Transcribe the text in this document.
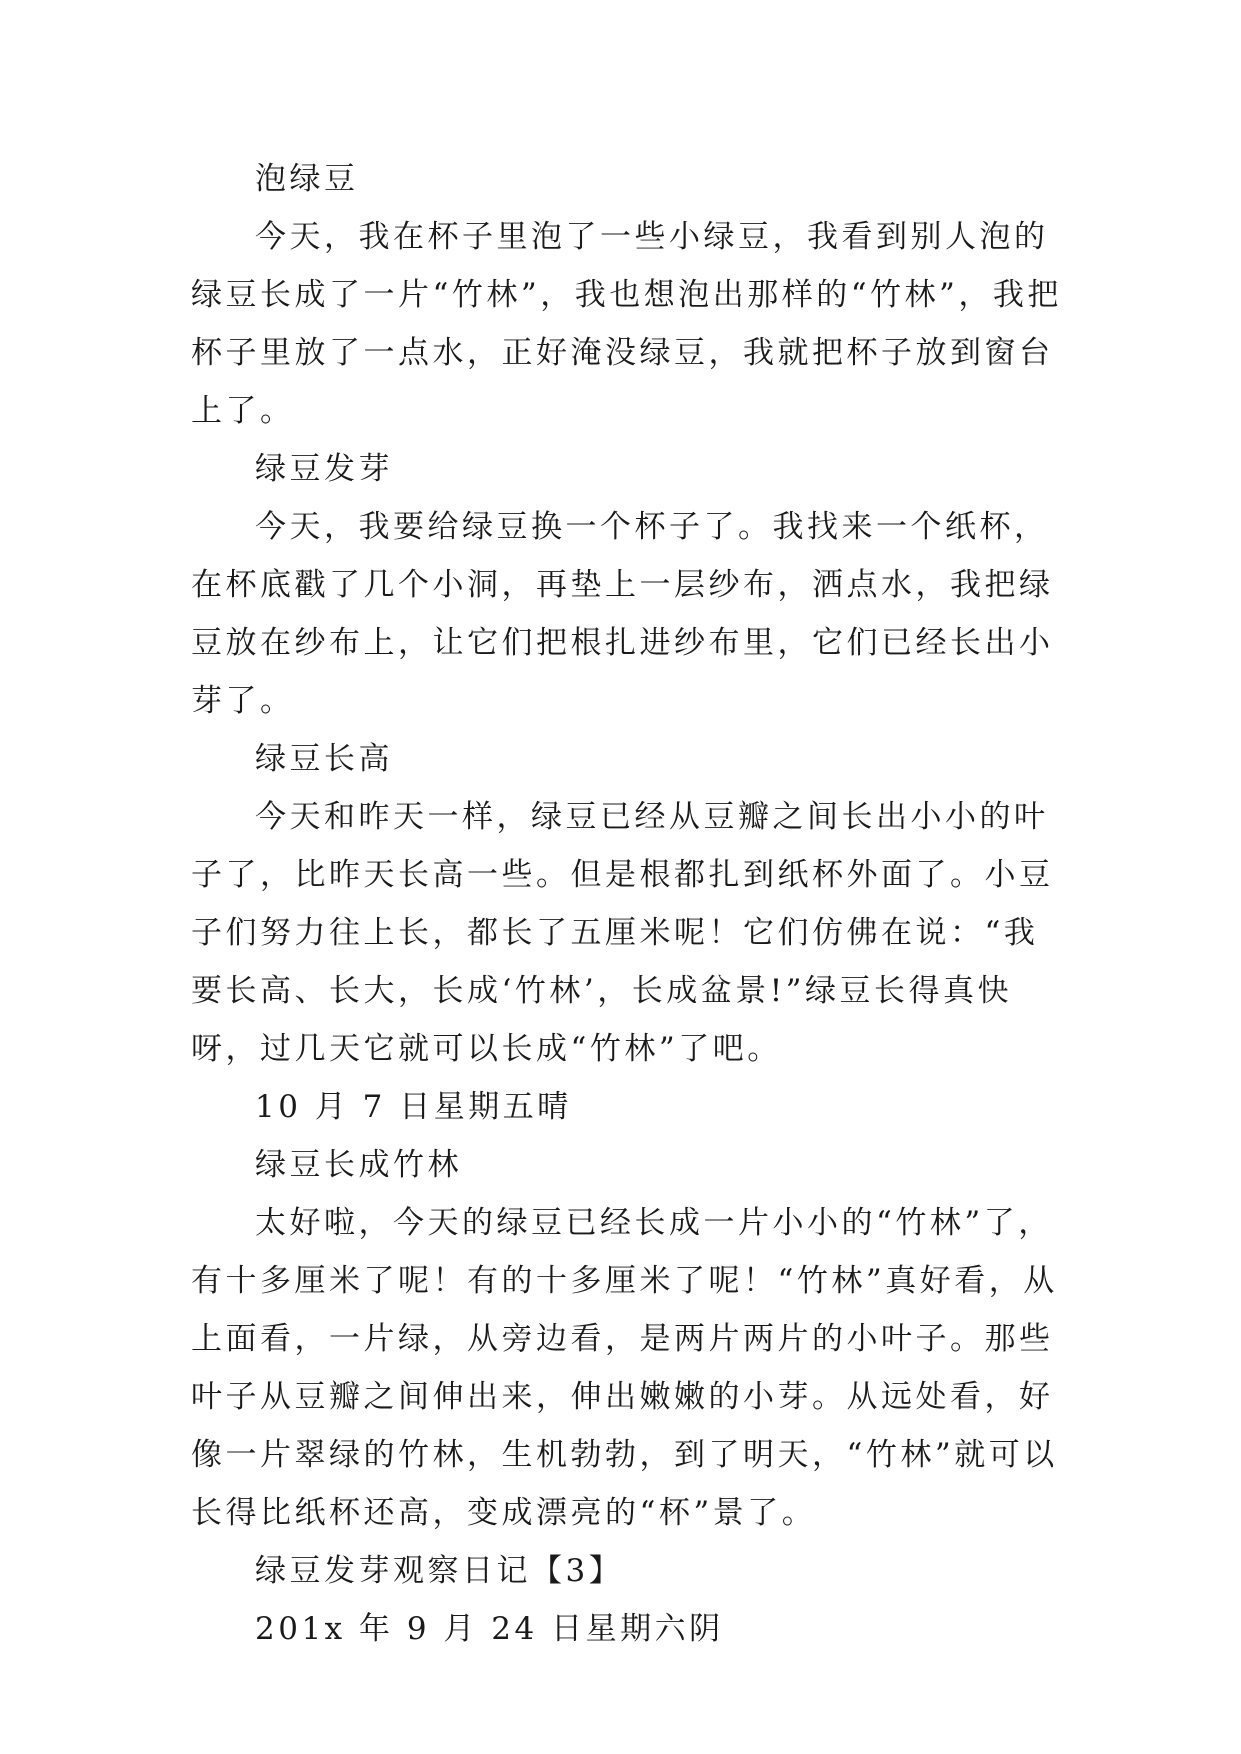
泡绿豆

今天，我在杯子里泡了一些小绿豆，我看到别人泡的绿豆长成了一片“竹林”，我也想泡出那样的“竹林”，我把杯子里放了一点水，正好淹没绿豆，我就把杯子放到窗台上了。

绿豆发芽

今天，我要给绿豆换一个杯子了。我找来一个纸杯，在杯底戳了几个小洞，再垫上一层纱布，洒点水，我把绿豆放在纱布上，让它们把根扎进纱布里，它们已经长出小芽了。

绿豆长高

今天和昨天一样，绿豆已经从豆瓣之间长出小小的叶子了，比昨天长高一些。但是根都扎到纸杯外面了。小豆子们努力往上长，都长了五厘米呢！它们仿佛在说：“我要长高、长大，长成‘竹林’，长成盆景!”绿豆长得真快呀，过几天它就可以长成“竹林”了吧。

10 月 7 日星期五晴

绿豆长成竹林

太好啦，今天的绿豆已经长成一片小小的“竹林”了，有十多厘米了呢！有的十多厘米了呢！“竹林”真好看，从上面看，一片绿，从旁边看，是两片两片的小叶子。那些叶子从豆瓣之间伸出来，伸出嫩嫩的小芽。从远处看，好像一片翠绿的竹林，生机勃勃，到了明天，“竹林”就可以长得比纸杯还高，变成漂亮的“杯”景了。

绿豆发芽观察日记【3】

201x 年 9 月 24 日星期六阴
